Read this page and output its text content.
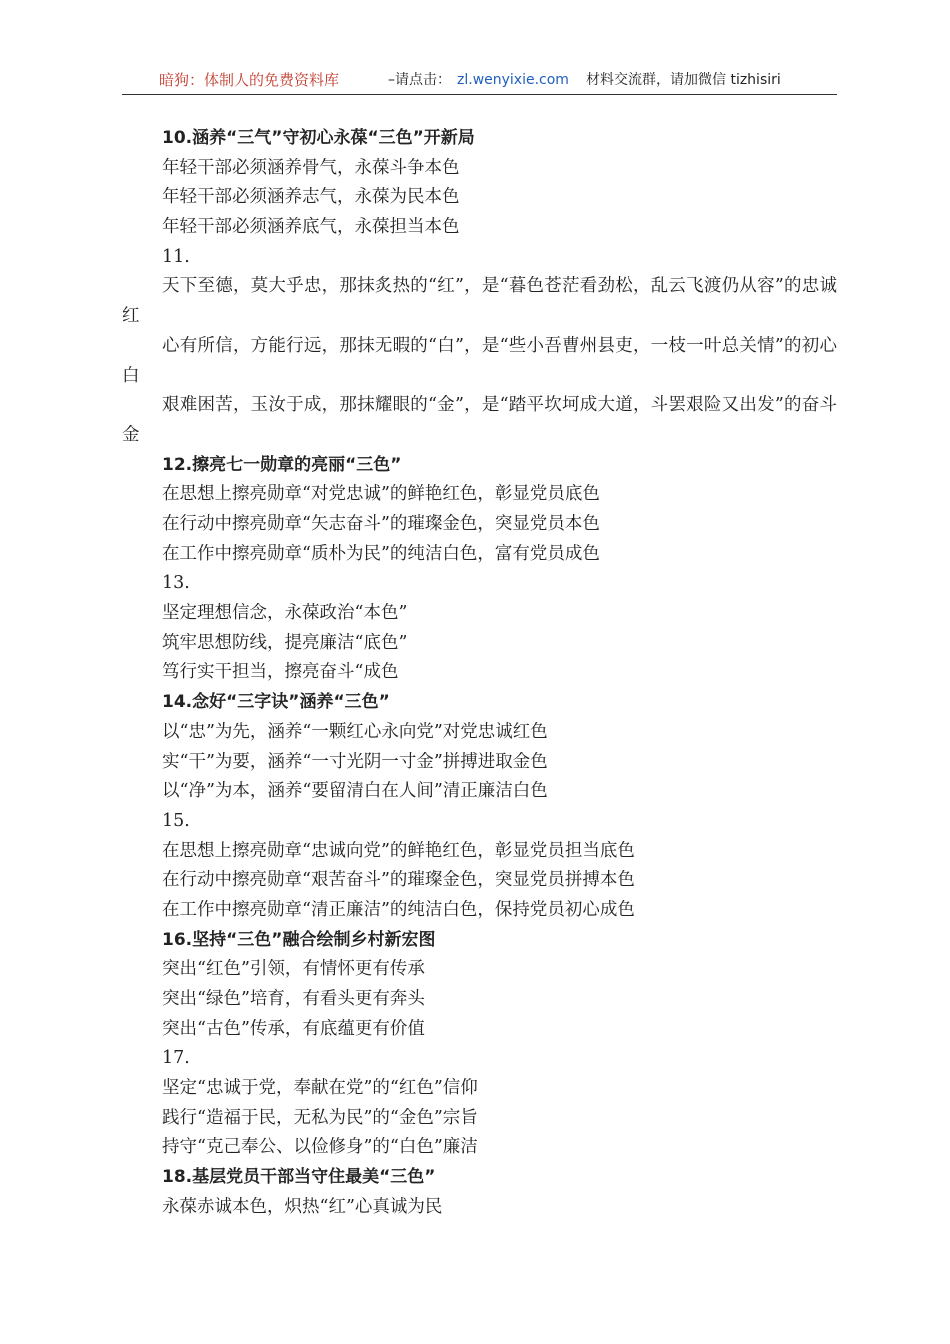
暗狗：体制人的免费资料库	–请点击： zl.wenyixie.com 材料交流群，请加微信 tizhisiri
10.涵养“三气”守初心永葆“三色”开新局
年轻干部必须涵养骨气，永葆斗争本色
年轻干部必须涵养志气，永葆为民本色
年轻干部必须涵养底气，永葆担当本色
11.
天下至德，莫大乎忠，那抹炙热的“红”，是“暮色苍茫看劲松，乱云飞渡仍从容”的忠诚红
心有所信，方能行远，那抹无暇的“白”，是“些小吾曹州县吏，一枝一叶总关情”的初心白
艰难困苦，玉汝于成，那抹耀眼的“金”，是“踏平坎坷成大道，斗罢艰险又出发”的奋斗金
12.擦亮七一勋章的亮丽“三色”
在思想上擦亮勋章“对党忠诚”的鲜艳红色，彰显党员底色
在行动中擦亮勋章“矢志奋斗”的璀璨金色，突显党员本色
在工作中擦亮勋章“质朴为民”的纯洁白色，富有党员成色
13.
坚定理想信念，永葆政治“本色”
筑牢思想防线，提亮廉洁“底色”
笃行实干担当，擦亮奋斗“成色
14.念好“三字诀”涵养“三色”
以“忠”为先，涵养“一颗红心永向党”对党忠诚红色
实“干”为要，涵养“一寸光阴一寸金”拼搏进取金色
以“净”为本，涵养“要留清白在人间”清正廉洁白色
15.
在思想上擦亮勋章“忠诚向党”的鲜艳红色，彰显党员担当底色
在行动中擦亮勋章“艰苦奋斗”的璀璨金色，突显党员拼搏本色
在工作中擦亮勋章“清正廉洁”的纯洁白色，保持党员初心成色
16.坚持“三色”融合绘制乡村新宏图
突出“红色”引领，有情怀更有传承
突出“绿色”培育，有看头更有奔头
突出“古色”传承，有底蕴更有价值
17.
坚定“忠诚于党，奉献在党”的“红色”信仰
践行“造福于民，无私为民”的“金色”宗旨
持守“克己奉公、以俭修身”的“白色”廉洁
18.基层党员干部当守住最美“三色”
永葆赤诚本色，炽热“红”心真诚为民
